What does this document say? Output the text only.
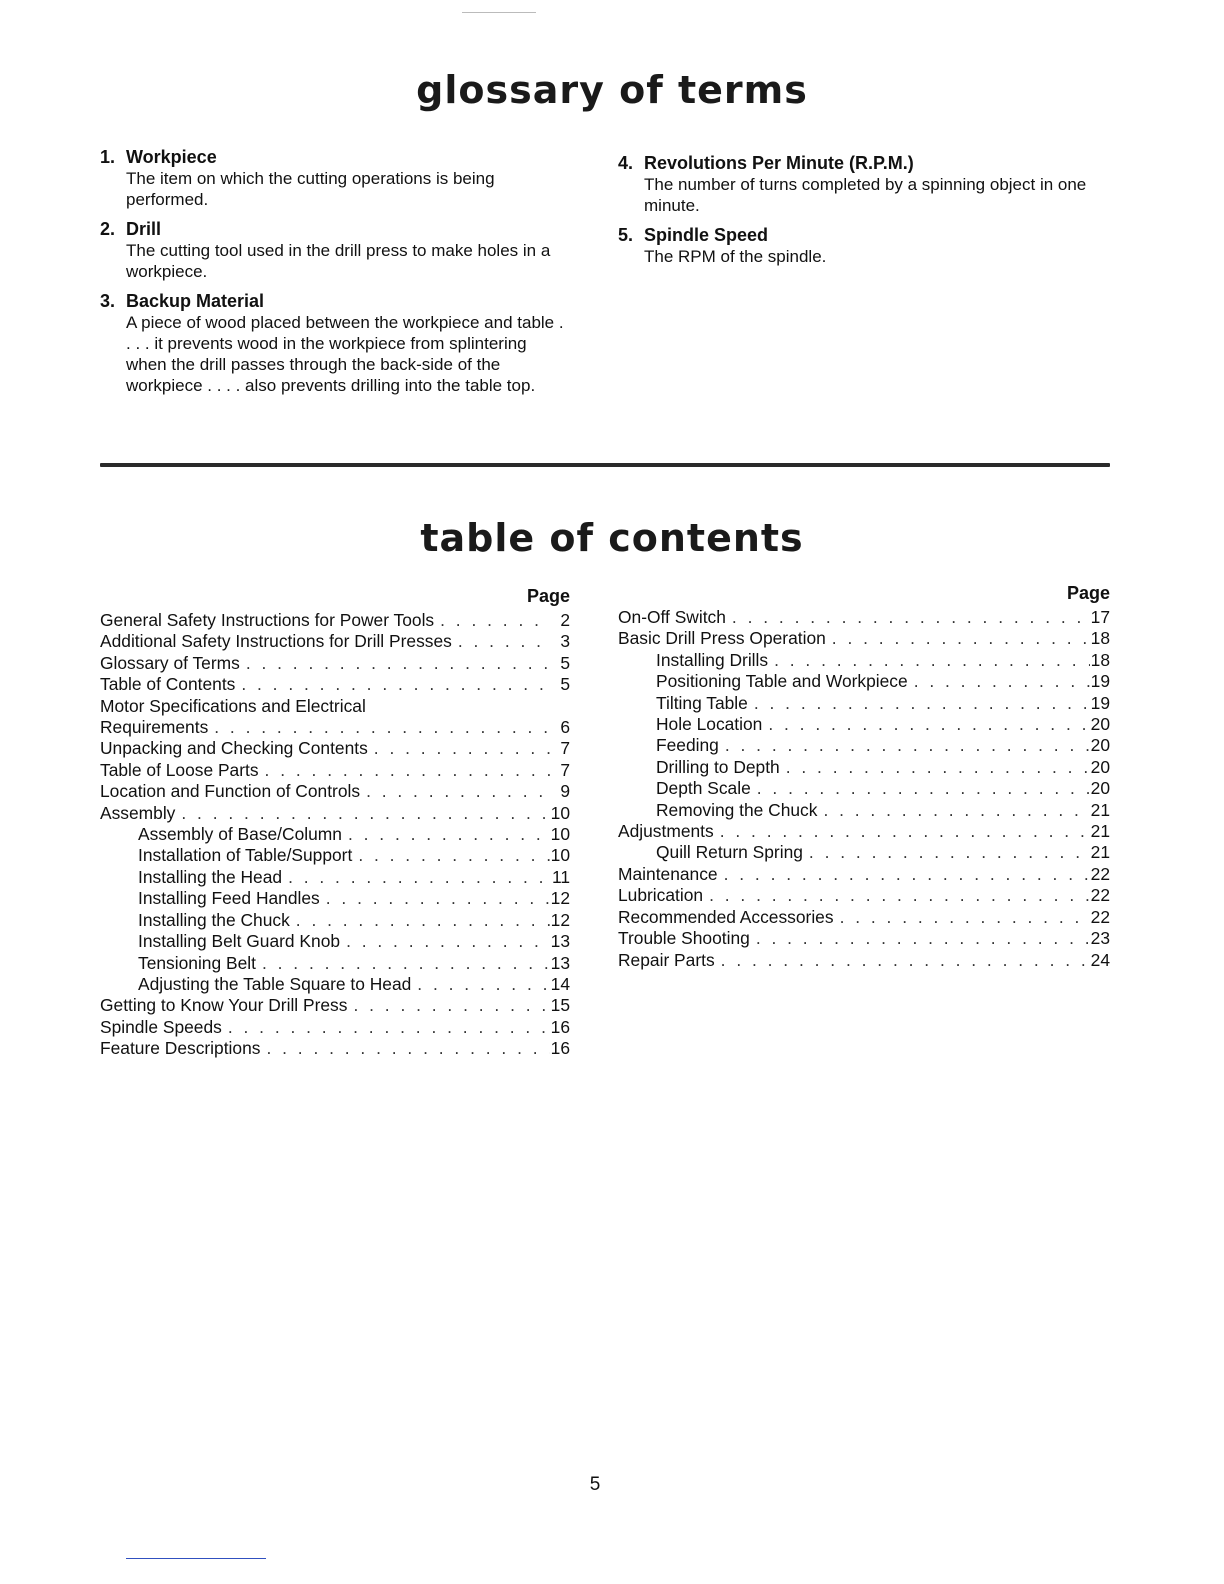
glossary of terms
1. Workpiece
The item on which the cutting operations is being performed.
2. Drill
The cutting tool used in the drill press to make holes in a workpiece.
3. Backup Material
A piece of wood placed between the workpiece and table . . . . it prevents wood in the workpiece from splintering when the drill passes through the back-side of the workpiece . . . . also prevents drilling into the table top.
4. Revolutions Per Minute (R.P.M.)
The number of turns completed by a spinning object in one minute.
5. Spindle Speed
The RPM of the spindle.
table of contents
Page
General Safety Instructions for Power Tools . . .	2
Additional Safety Instructions for Drill Presses . . .	3
Glossary of Terms . . .	5
Table of Contents . . .	5
Motor Specifications and Electrical
Requirements . . .	6
Unpacking and Checking Contents . . .	7
Table of Loose Parts . . .	7
Location and Function of Controls . . .	9
Assembly . . .	10
Assembly of Base/Column . . .	10
Installation of Table/Support . . .	10
Installing the Head . . .	11
Installing Feed Handles . . .	12
Installing the Chuck . . .	12
Installing Belt Guard Knob . . .	13
Tensioning Belt . . .	13
Adjusting the Table Square to Head . . .	14
Getting to Know Your Drill Press . . .	15
Spindle Speeds . . .	16
Feature Descriptions . . .	16
Page
On-Off Switch . . .	17
Basic Drill Press Operation . . .	18
Installing Drills . . .	18
Positioning Table and Workpiece . . .	19
Tilting Table . . .	19
Hole Location . . .	20
Feeding . . .	20
Drilling to Depth . . .	20
Depth Scale . . .	20
Removing the Chuck . . .	21
Adjustments . . .	21
Quill Return Spring . . .	21
Maintenance . . .	22
Lubrication . . .	22
Recommended Accessories . . .	22
Trouble Shooting . . .	23
Repair Parts . . .	24
5
